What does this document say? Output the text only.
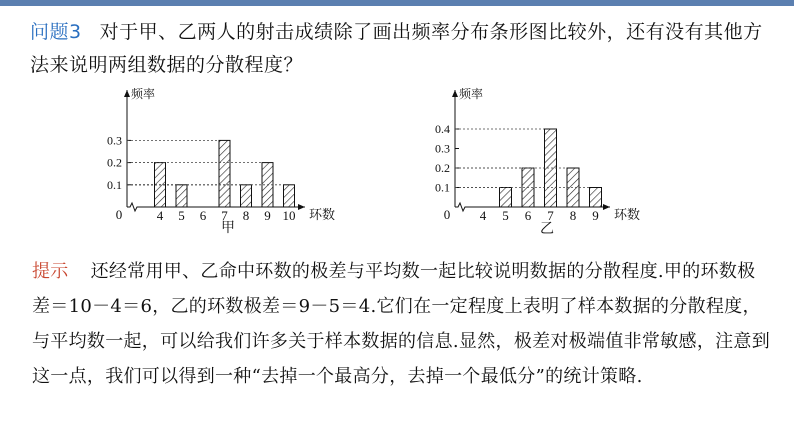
问题3 对于甲、乙两人的射击成绩除了画出频率分布条形图比较外，还有没有其他方法来说明两组数据的分散程度？
频率
环数
0
0.1
0.2
0.3
4 5 6 7 8 9 10
甲
频率
环数
0
0.1
0.2
0.3
0.4
4 5 6 7 8 9
乙
提示 还经常用甲、乙命中环数的极差与平均数一起比较说明数据的分散程度.甲的环数极差＝10－4＝6，乙的环数极差＝9－5＝4.它们在一定程度上表明了样本数据的分散程度，与平均数一起，可以给我们许多关于样本数据的信息.显然，极差对极端值非常敏感，注意到这一点，我们可以得到一种“去掉一个最高分，去掉一个最低分”的统计策略.
